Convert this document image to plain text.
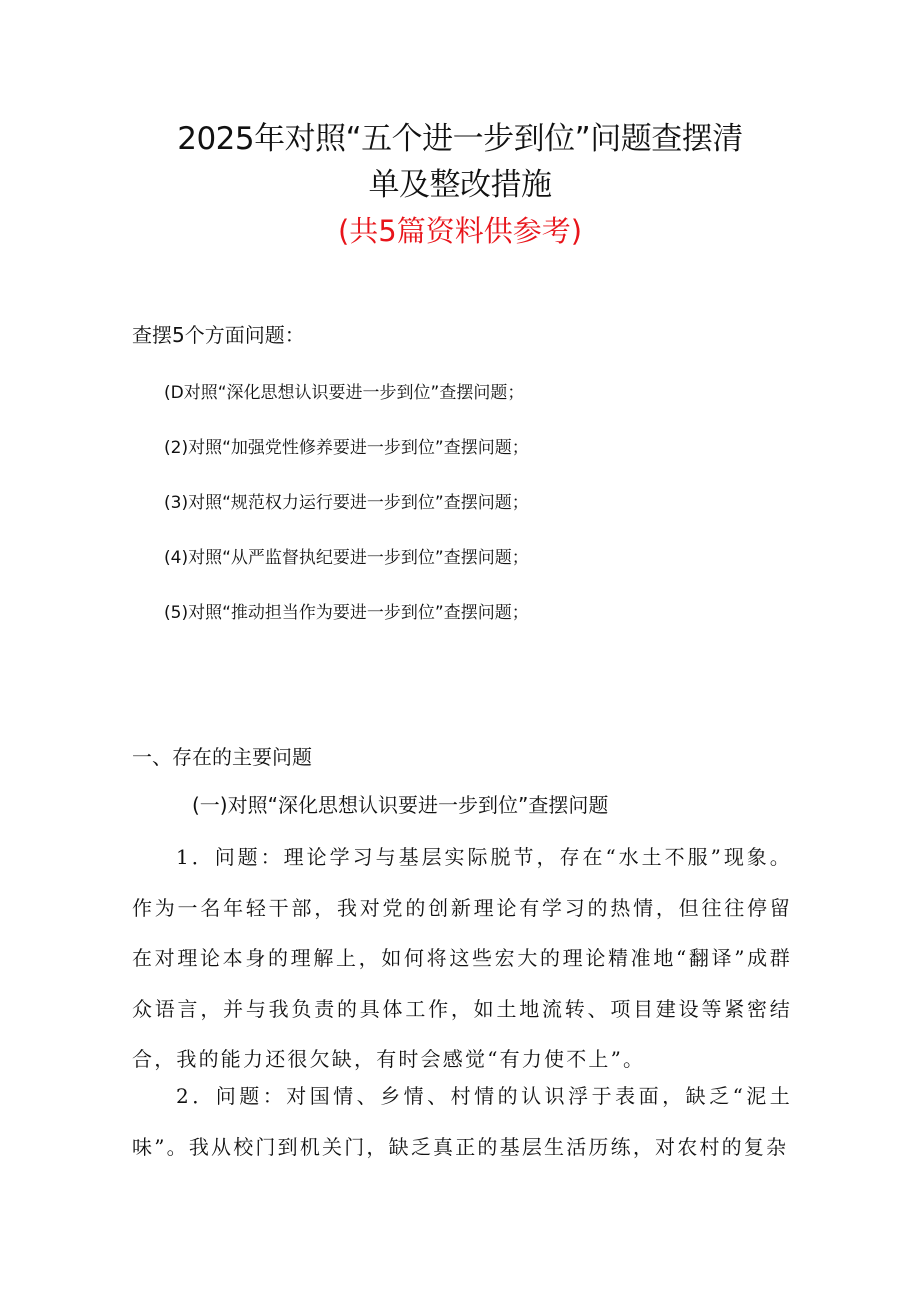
2025年对照“五个进一步到位”问题查摆清
单及整改措施

(共5篇资料供参考)

查摆5个方面问题：

(D对照“深化思想认识要进一步到位”查摆问题；
(2)对照“加强党性修养要进一步到位”查摆问题；
(3)对照“规范权力运行要进一步到位”查摆问题；
(4)对照“从严监督执纪要进一步到位”查摆问题；
(5)对照“推动担当作为要进一步到位”查摆问题；
一、存在的主要问题
(一)对照“深化思想认识要进一步到位”查摆问题

1．问题：理论学习与基层实际脱节，存在“水土不服”现象。作为一名年轻干部，我对党的创新理论有学习的热情，但往往停留在对理论本身的理解上，如何将这些宏大的理论精准地“翻译”成群众语言，并与我负责的具体工作，如土地流转、项目建设等紧密结合，我的能力还很欠缺，有时会感觉“有力使不上”。

2．问题：对国情、乡情、村情的认识浮于表面，缺乏“泥土味”。我从校门到机关门，缺乏真正的基层生活历练，对农村的复杂
